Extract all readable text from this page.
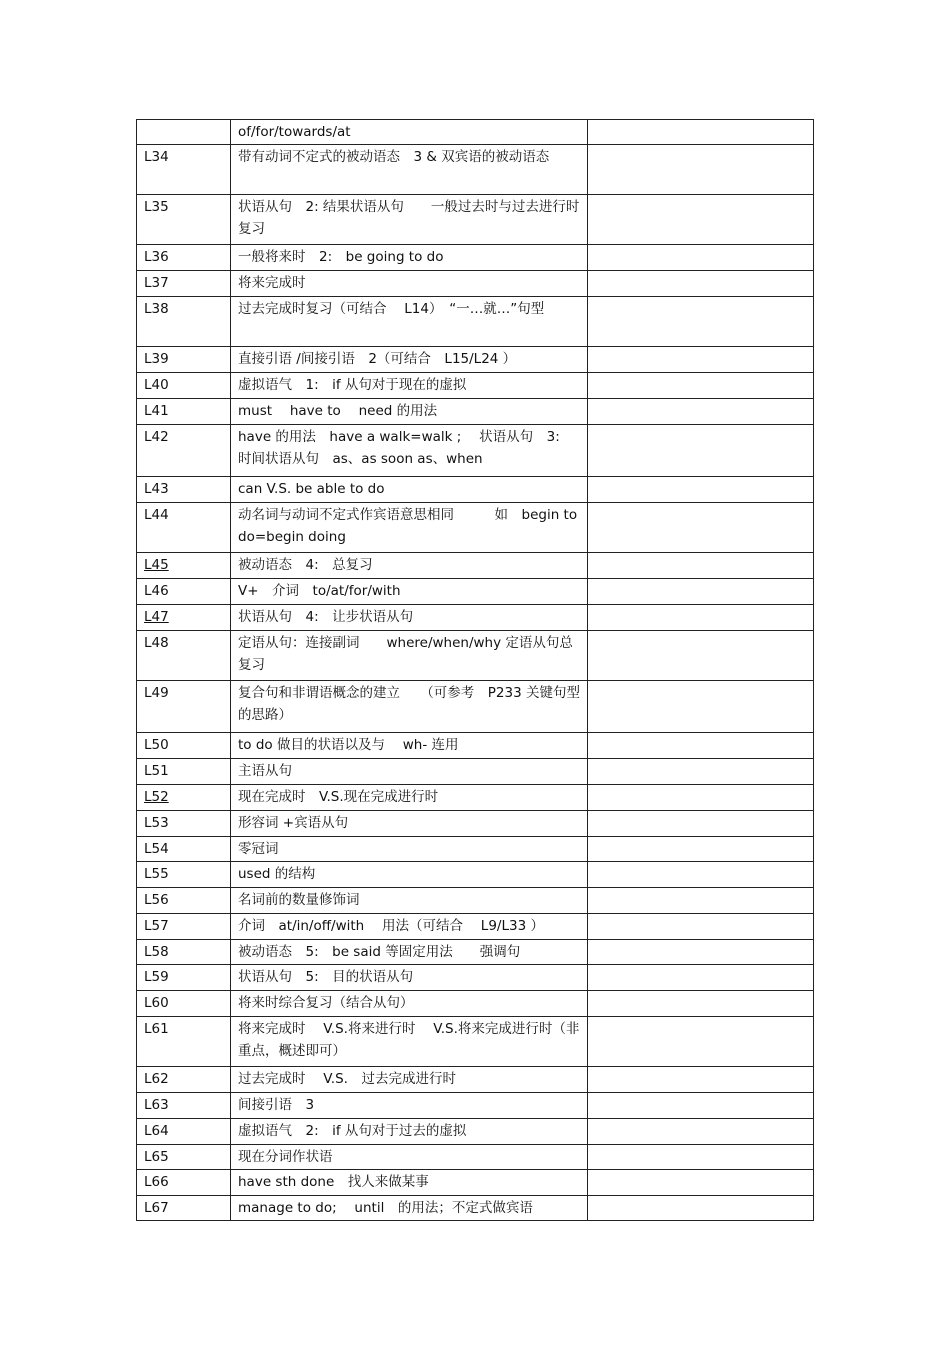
	of/for/towards/at	
L34	带有动词不定式的被动语态　3 & 双宾语的被动语态	
L35	状语从句　2: 结果状语从句　　一般过去时与过去进行时复习	
L36	一般将来时　2:　be going to do	
L37	将来完成时	
L38	过去完成时复习（可结合　 L14）　“一…就…”句型	
L39	直接引语 /间接引语　2（可结合　L15/L24 ）	
L40	虚拟语气　1:　if 从句对于现在的虚拟	
L41	must　 have to　 need 的用法	
L42	have 的用法　have a walk=walk ;　 状语从句　3:　时间状语从句　as、as soon as、when	
L43	can V.S. be able to do	
L44	动名词与动词不定式作宾语意思相同　　　如　begin to do=begin doing	
L45	被动语态　4:　总复习	
L46	V+　介词　to/at/for/with	
L47	状语从句　4:　让步状语从句	
L48	定语从句：连接副词　　where/when/why 定语从句总复习	
L49	复合句和非谓语概念的建立　　（可参考　P233 关键句型的思路）	
L50	to do 做目的状语以及与　 wh- 连用	
L51	主语从句	
L52	现在完成时　V.S.现在完成进行时	
L53	形容词 +宾语从句	
L54	零冠词	
L55	used 的结构	
L56	名词前的数量修饰词	
L57	介词　at/in/off/with　 用法（可结合　 L9/L33 ）	
L58	被动语态　5:　be said 等固定用法　　强调句	
L59	状语从句　5:　目的状语从句	
L60	将来时综合复习（结合从句）	
L61	将来完成时　 V.S.将来进行时　 V.S.将来完成进行时（非重点，概述即可）	
L62	过去完成时　 V.S.　过去完成进行时	
L63	间接引语　3	
L64	虚拟语气　2:　if 从句对于过去的虚拟	
L65	现在分词作状语	
L66	have sth done　找人来做某事	
L67	manage to do;　 until　的用法；不定式做宾语	
